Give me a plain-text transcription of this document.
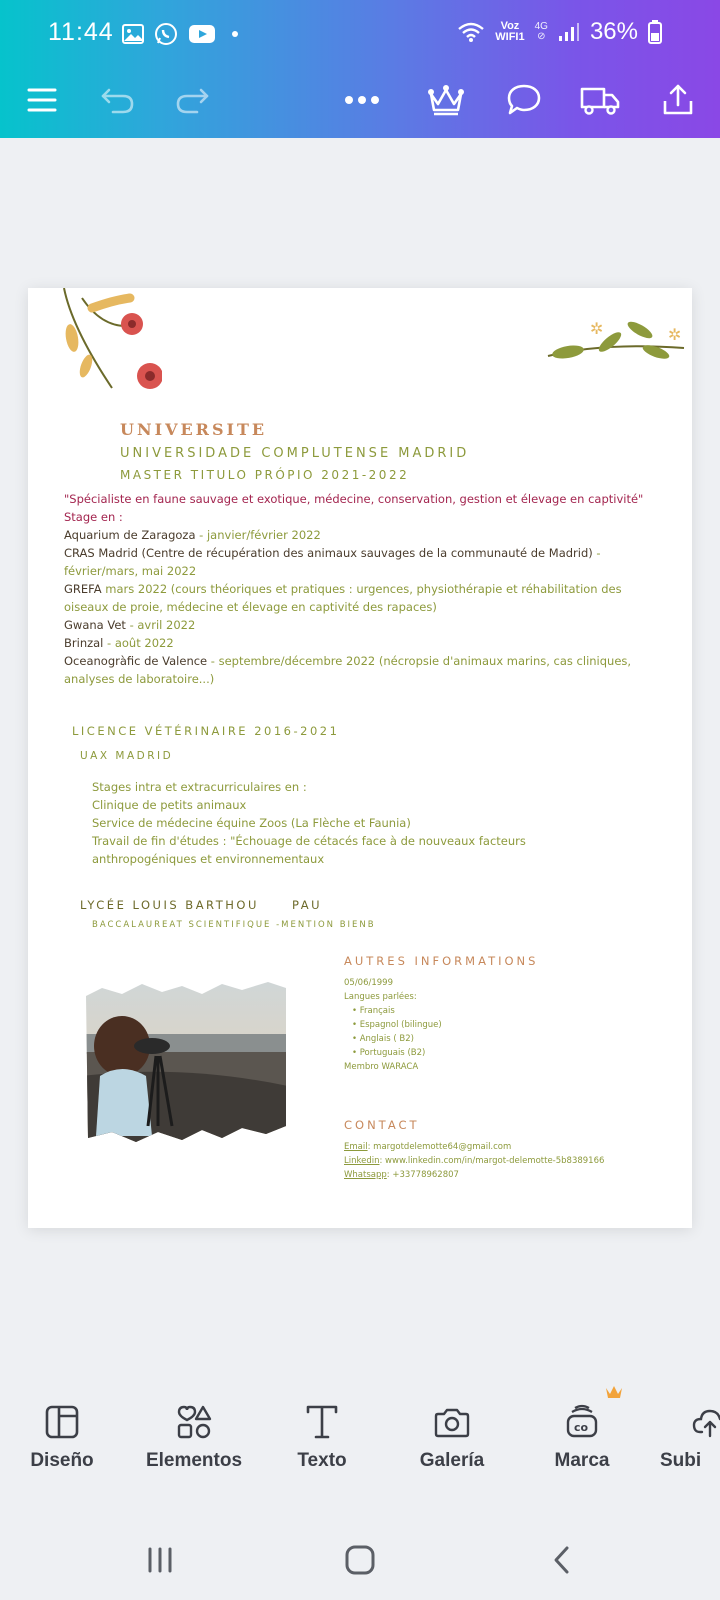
11:44	Voz
WIFI1
4G
⊘ 36%
✲	✲
UNIVERSITE
UNIVERSIDADE COMPLUTENSE MADRID
MASTER TITULO PRÓPIO 2021-2022
"Spécialiste en faune sauvage et exotique, médecine, conservation, gestion et élevage en captivité"
Stage en :
Aquarium de Zaragoza - janvier/février 2022
CRAS Madrid (Centre de récupération des animaux sauvages de la communauté de Madrid) - février/mars, mai 2022
GREFA mars 2022 (cours théoriques et pratiques : urgences, physiothérapie et réhabilitation des oiseaux de proie, médecine et élevage en captivité des rapaces)
Gwana Vet - avril 2022
Brinzal - août 2022
Oceanogràfic de Valence - septembre/décembre 2022 (nécropsie d'animaux marins, cas cliniques, analyses de laboratoire...)
LICENCE VÉTÉRINAIRE 2016-2021
UAX MADRID
Stages intra et extracurriculaires en :
Clinique de petits animaux
Service de médecine équine Zoos (La Flèche et Faunia)
Travail de fin d'études : "Échouage de cétacés face à de nouveaux facteurs
anthropogéniques et environnementaux
LYCÉE LOUIS BARTHOU	PAU
BACCALAUREAT SCIENTIFIQUE -MENTION BIENB
AUTRES INFORMATIONS
05/06/1999
Langues parlées:
• Français
• Espagnol (bilingue)
• Anglais ( B2)
• Portuguais (B2)
Membro WARACA
CONTACT
Email: margotdelemotte64@gmail.com
Linkedin: www.linkedin.com/in/margot-delemotte-5b8389166
Whatsapp: +33778962807
Diseño	Elementos	Texto	Galería
co
Marca	Subi
